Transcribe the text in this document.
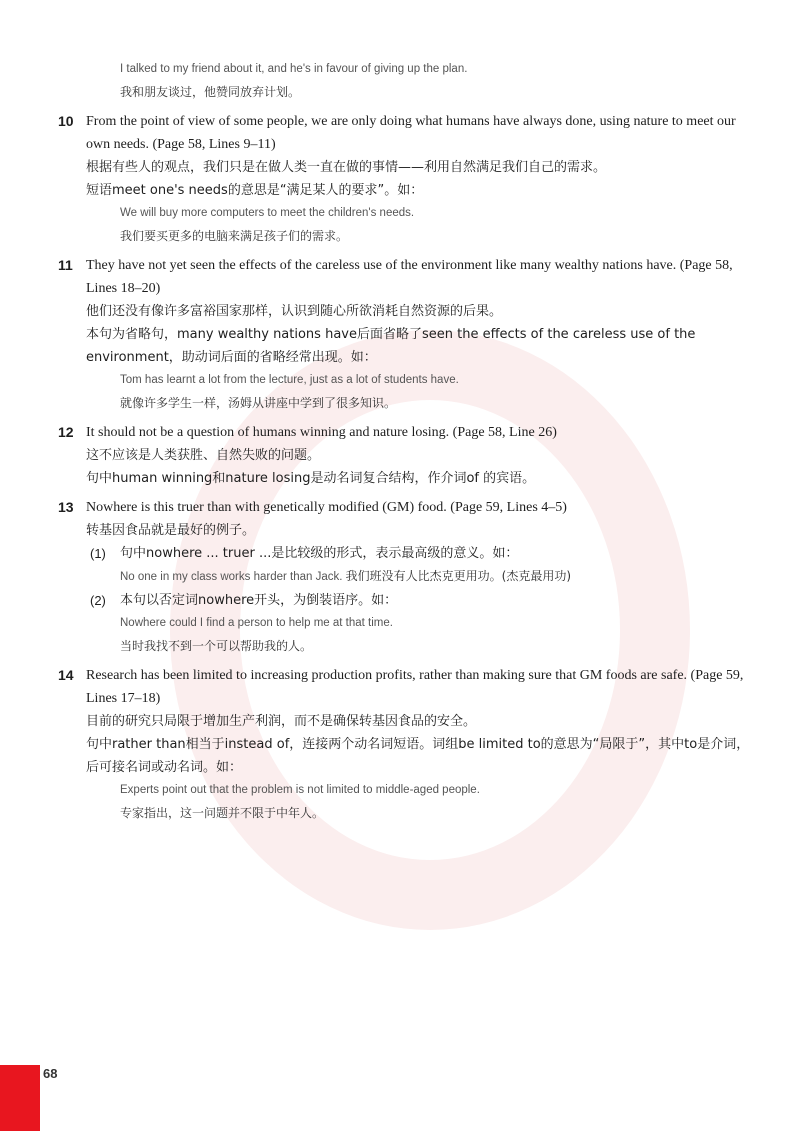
I talked to my friend about it, and he's in favour of giving up the plan.
我和朋友谈过，他赞同放弃计划。
10 From the point of view of some people, we are only doing what humans have always done, using nature to meet our own needs. (Page 58, Lines 9–11)
根据有些人的观点，我们只是在做人类一直在做的事情——利用自然满足我们自己的需求。
短语meet one's needs的意思是“满足某人的要求”。如：
We will buy more computers to meet the children's needs.
我们要买更多的电脑来满足孩子们的需求。
11 They have not yet seen the effects of the careless use of the environment like many wealthy nations have. (Page 58, Lines 18–20)
他们还没有像许多富裕国家那样，认识到随心所欲消耗自然资源的后果。
本句为省略句，many wealthy nations have后面省略了seen the effects of the careless use of the environment，助动词后面的省略经常出现。如：
Tom has learnt a lot from the lecture, just as a lot of students have.
就像许多学生一样，汤姆从讲座中学到了很多知识。
12 It should not be a question of humans winning and nature losing. (Page 58, Line 26)
这不应该是人类获胜、自然失败的问题。
句中human winning和nature losing是动名词复合结构，作介词of 的宾语。
13 Nowhere is this truer than with genetically modified (GM) food. (Page 59, Lines 4–5)
转基因食品就是最好的例子。
(1)	句中nowhere ... truer ...是比较级的形式，表示最高级的意义。如：
No one in my class works harder than Jack. 我们班没有人比杰克更用功。(杰克最用功)
(2)	本句以否定词nowhere开头，为倒装语序。如：
Nowhere could I find a person to help me at that time.
当时我找不到一个可以帮助我的人。
14 Research has been limited to increasing production profits, rather than making sure that GM foods are safe. (Page 59, Lines 17–18)
目前的研究只局限于增加生产利润，而不是确保转基因食品的安全。
句中rather than相当于instead of，连接两个动名词短语。词组be limited to的意思为“局限于”，其中to是介词，后可接名词或动名词。如：
Experts point out that the problem is not limited to middle-aged people.
专家指出，这一问题并不限于中年人。
68
